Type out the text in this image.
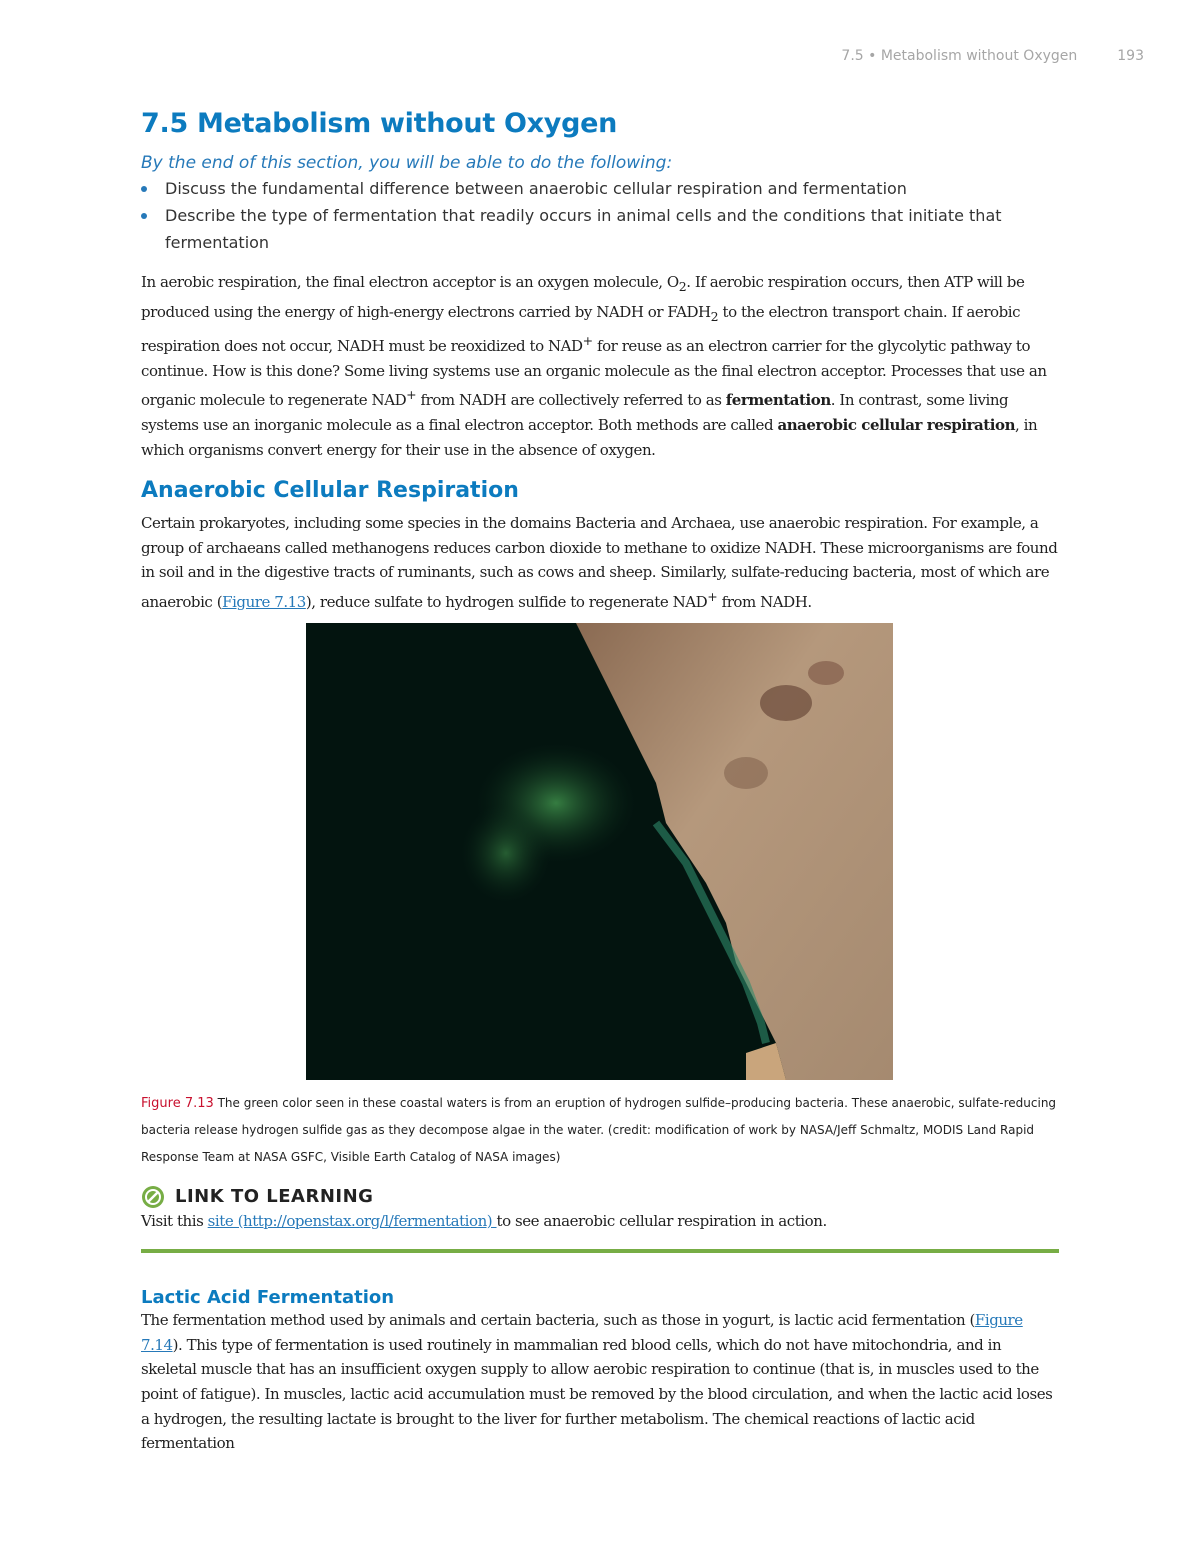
7.5 • Metabolism without Oxygen	193
7.5 Metabolism without Oxygen
By the end of this section, you will be able to do the following:
Discuss the fundamental difference between anaerobic cellular respiration and fermentation
Describe the type of fermentation that readily occurs in animal cells and the conditions that initiate that fermentation

In aerobic respiration, the final electron acceptor is an oxygen molecule, $O_2$. If aerobic respiration occurs, then ATP will be produced using the energy of high-energy electrons carried by NADH or $FADH_2$ to the electron transport chain. If aerobic respiration does not occur, NADH must be reoxidized to NAD+ for reuse as an electron carrier for the glycolytic pathway to continue. How is this done? Some living systems use an organic molecule as the final electron acceptor. Processes that use an organic molecule to regenerate NAD+ from NADH are collectively referred to as fermentation. In contrast, some living systems use an inorganic molecule as a final electron acceptor. Both methods are called anaerobic cellular respiration, in which organisms convert energy for their use in the absence of oxygen.

Anaerobic Cellular Respiration

Certain prokaryotes, including some species in the domains Bacteria and Archaea, use anaerobic respiration. For example, a group of archaeans called methanogens reduces carbon dioxide to methane to oxidize NADH. These microorganisms are found in soil and in the digestive tracts of ruminants, such as cows and sheep. Similarly, sulfate-reducing bacteria, most of which are anaerobic (Figure 7.13), reduce sulfate to hydrogen sulfide to regenerate NAD+ from NADH.

Figure 7.13 The green color seen in these coastal waters is from an eruption of hydrogen sulfide–producing bacteria. These anaerobic, sulfate-reducing bacteria release hydrogen sulfide gas as they decompose algae in the water. (credit: modification of work by NASA/Jeff Schmaltz, MODIS Land Rapid Response Team at NASA GSFC, Visible Earth Catalog of NASA images)
LINK TO LEARNING

Visit this site (http://openstax.org/l/fermentation) to see anaerobic cellular respiration in action.

Lactic Acid Fermentation

The fermentation method used by animals and certain bacteria, such as those in yogurt, is lactic acid fermentation (Figure 7.14). This type of fermentation is used routinely in mammalian red blood cells, which do not have mitochondria, and in skeletal muscle that has an insufficient oxygen supply to allow aerobic respiration to continue (that is, in muscles used to the point of fatigue). In muscles, lactic acid accumulation must be removed by the blood circulation, and when the lactic acid loses a hydrogen, the resulting lactate is brought to the liver for further metabolism. The chemical reactions of lactic acid fermentation
